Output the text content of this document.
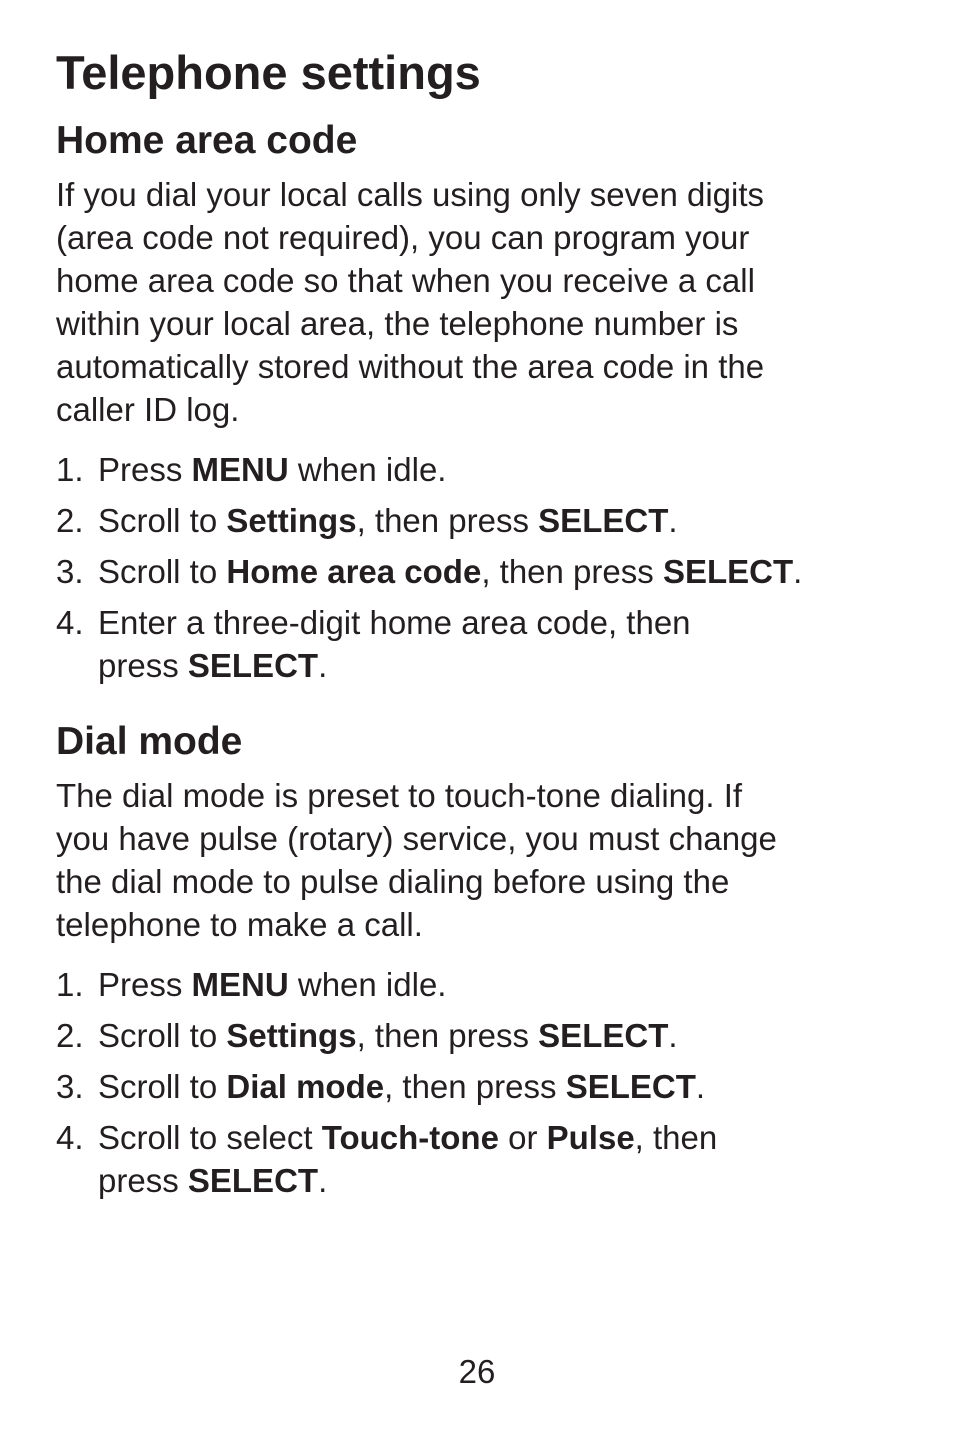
Telephone settings
Home area code

If you dial your local calls using only seven digits
(area code not required), you can program your
home area code so that when you receive a call
within your local area, the telephone number is
automatically stored without the area code in the
caller ID log.

1. Press MENU when idle.
2. Scroll to Settings, then press SELECT.
3. Scroll to Home area code, then press SELECT.
4. Enter a three-digit home area code, then
press SELECT.
Dial mode

The dial mode is preset to touch-tone dialing. If
you have pulse (rotary) service, you must change
the dial mode to pulse dialing before using the
telephone to make a call.

1. Press MENU when idle.
2. Scroll to Settings, then press SELECT.
3. Scroll to Dial mode, then press SELECT.
4. Scroll to select Touch-tone or Pulse, then
press SELECT.
26
